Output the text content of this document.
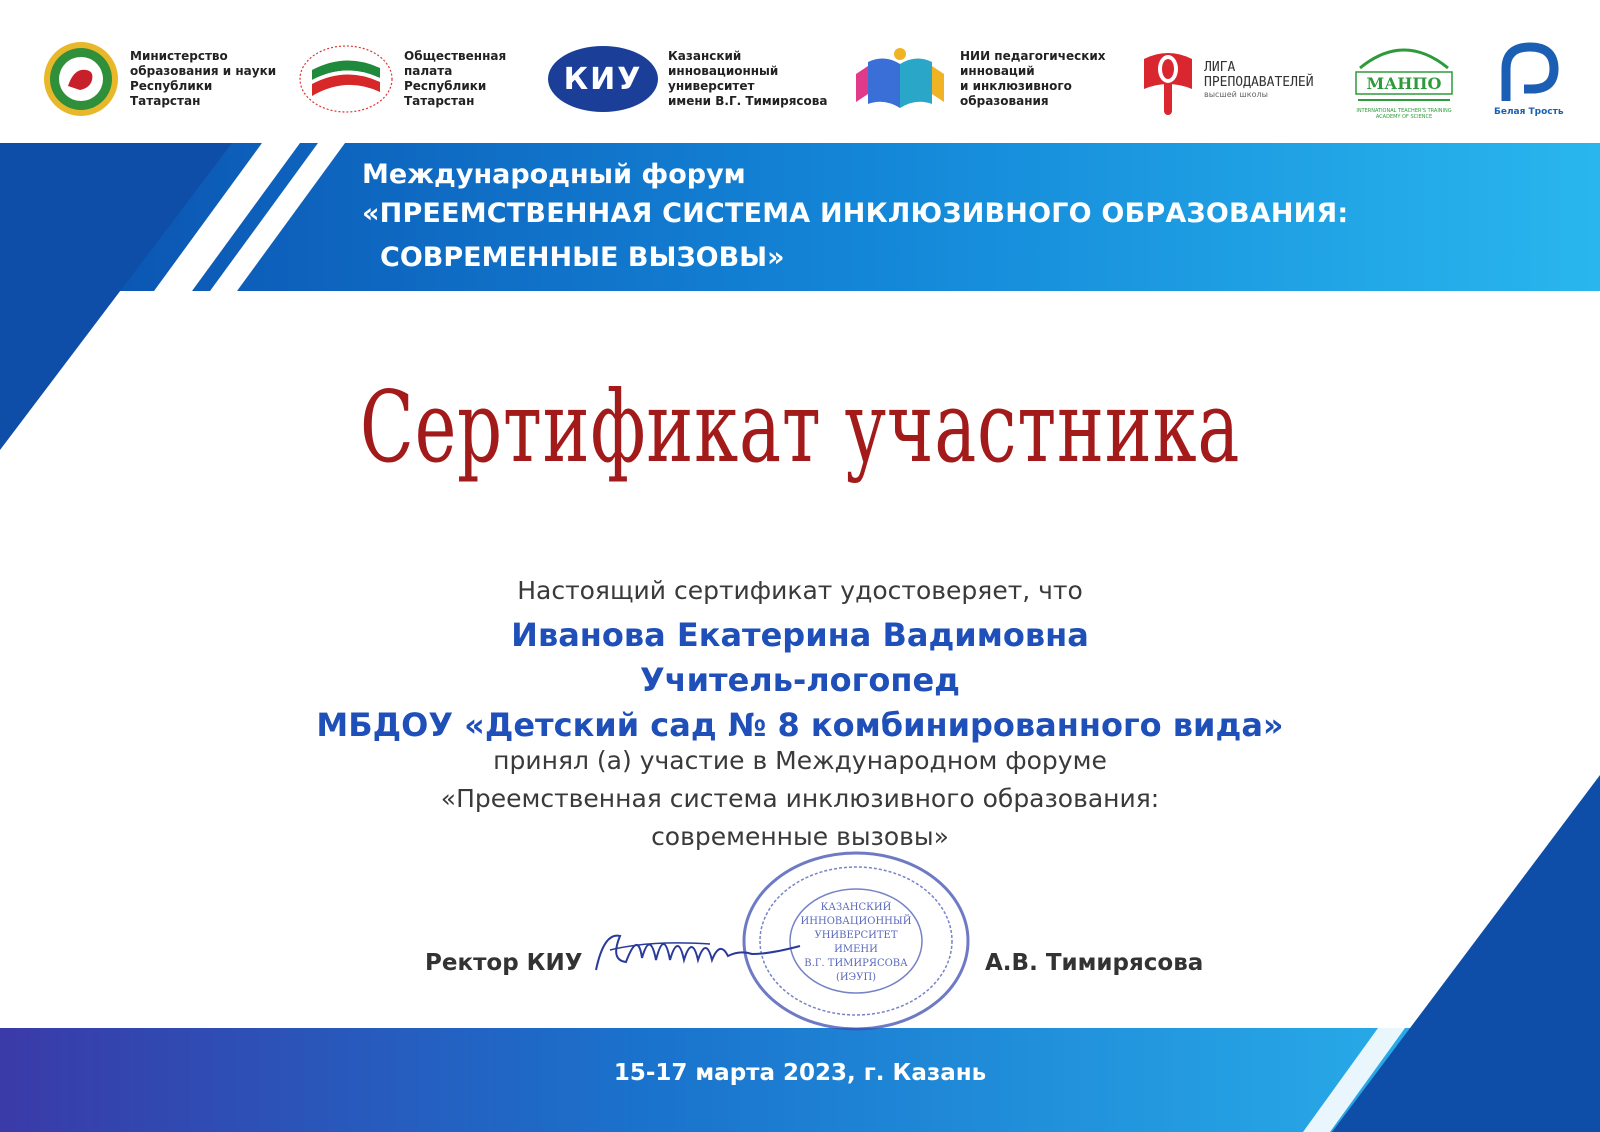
Министерство
образования и науки
Республики
Татарстан
Общественная
палата
Республики
Татарстан
КИУ
Казанский
инновационный
университет
имени В.Г. Тимирясова
НИИ педагогических
инноваций
и инклюзивного
образования
ЛИГА
ПРЕПОДАВАТЕЛЕЙ
высшей школы
МАНПО
INTERNATIONAL TEACHER'S TRAINING ACADEMY OF SCIENCE	Белая Трость
Международный форум
«ПРЕЕМСТВЕННАЯ СИСТЕМА ИНКЛЮЗИВНОГО ОБРАЗОВАНИЯ:
СОВРЕМЕННЫЕ ВЫЗОВЫ»
Сертификат участника
Настоящий сертификат удостоверяет, что
Иванова Екатерина Вадимовна
Учитель-логопед
МБДОУ «Детский сад № 8 комбинированного вида»
принял (а) участие в Международном форуме
«Преемственная система инклюзивного образования:
современные вызовы»
КАЗАНСКИЙ
ИННОВАЦИОННЫЙ
УНИВЕРСИТЕТ
ИМЕНИ
В.Г. ТИМИРЯСОВА
(ИЭУП)
Ректор КИУ	А.В. Тимирясова
15-17 марта 2023, г. Казань
